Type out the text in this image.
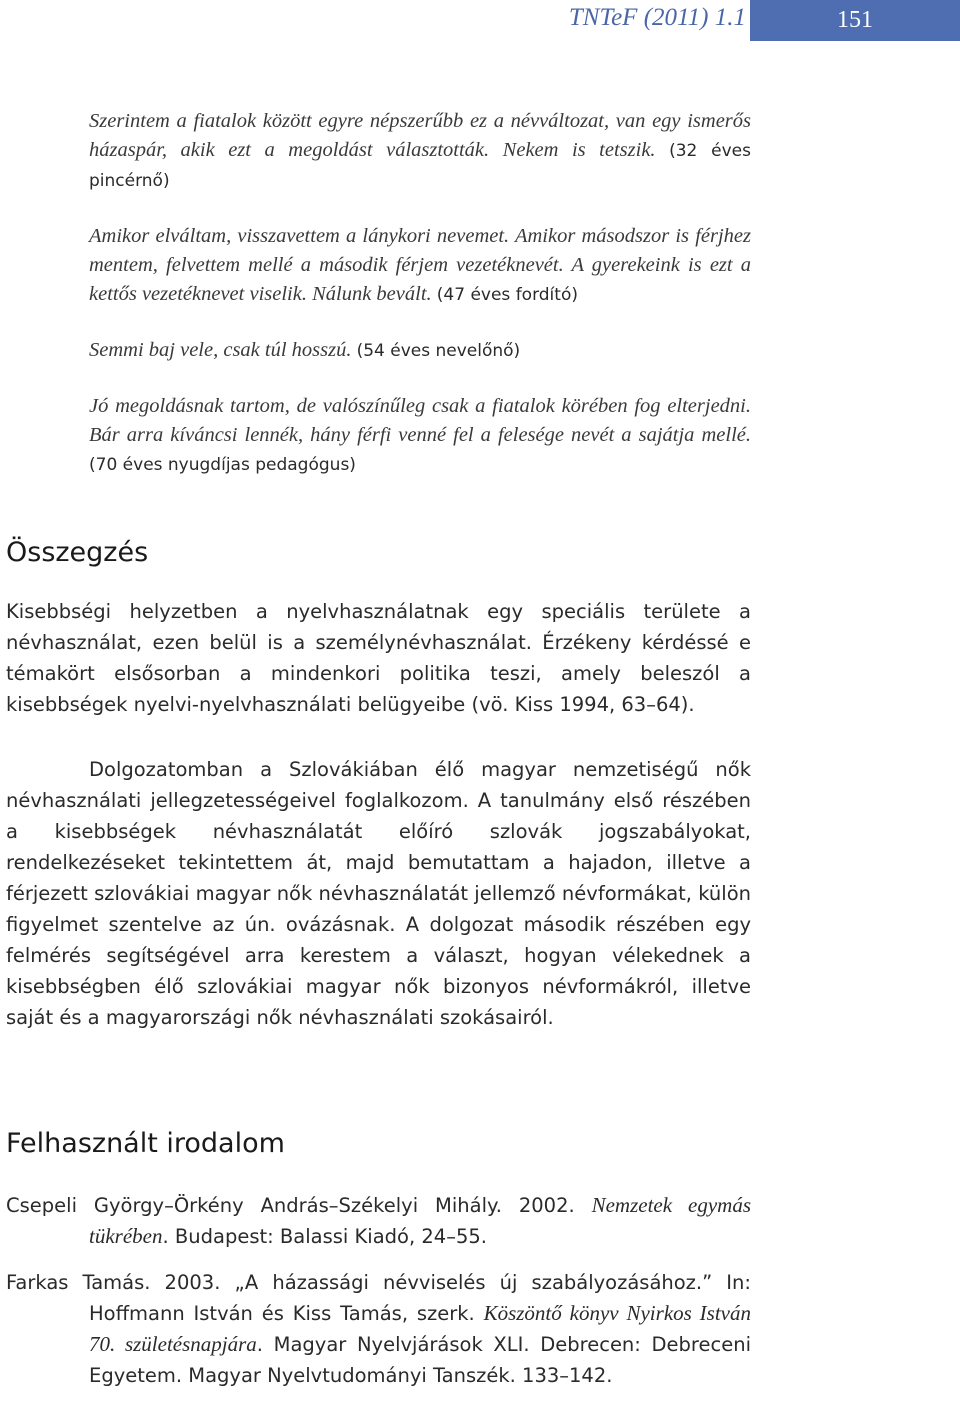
TNTeF (2011) 1.1	151
Szerintem a fiatalok között egyre népszerűbb ez a névváltozat, van egy ismerős házaspár, akik ezt a megoldást választották. Nekem is tetszik. (32 éves pincérnő)
Amikor elváltam, visszavettem a lánykori nevemet. Amikor másodszor is férjhez mentem, felvettem mellé a második férjem vezetéknevét. A gyerekeink is ezt a kettős vezetéknevet viselik. Nálunk bevált. (47 éves fordító)
Semmi baj vele, csak túl hosszú. (54 éves nevelőnő)
Jó megoldásnak tartom, de valószínűleg csak a fiatalok körében fog elterjedni. Bár arra kíváncsi lennék, hány férfi venné fel a felesége nevét a sajátja mellé. (70 éves nyugdíjas pedagógus)
Összegzés

Kisebbségi helyzetben a nyelvhasználatnak egy speciális területe a névhasználat, ezen belül is a személynévhasználat. Érzékeny kérdéssé e témakört elsősorban a mindenkori politika teszi, amely beleszól a kisebbségek nyelvi-nyelvhasználati belügyeibe (vö. Kiss 1994, 63–64).

Dolgozatomban a Szlovákiában élő magyar nemzetiségű nők névhasználati jellegzetességeivel foglalkozom. A tanulmány első részében a kisebbségek névhasználatát előíró szlovák jogszabályokat, rendelkezéseket tekintettem át, majd bemutattam a hajadon, illetve a férjezett szlovákiai magyar nők névhasználatát jellemző névformákat, külön figyelmet szentelve az ún. ovázásnak. A dolgozat második részében egy felmérés segítségével arra kerestem a választ, hogyan vélekednek a kisebbségben élő szlovákiai magyar nők bizonyos névformákról, illetve saját és a magyarországi nők névhasználati szokásairól.

Felhasznált irodalom

Csepeli György–Örkény András–Székelyi Mihály. 2002. Nemzetek egymás tükrében. Budapest: Balassi Kiadó, 24–55.

Farkas Tamás. 2003. „A házassági névviselés új szabályozásához.” In: Hoffmann István és Kiss Tamás, szerk. Köszöntő könyv Nyirkos István 70. születésnapjára. Magyar Nyelvjárások XLI. Debrecen: Debreceni Egyetem. Magyar Nyelvtudományi Tanszék. 133–142.
